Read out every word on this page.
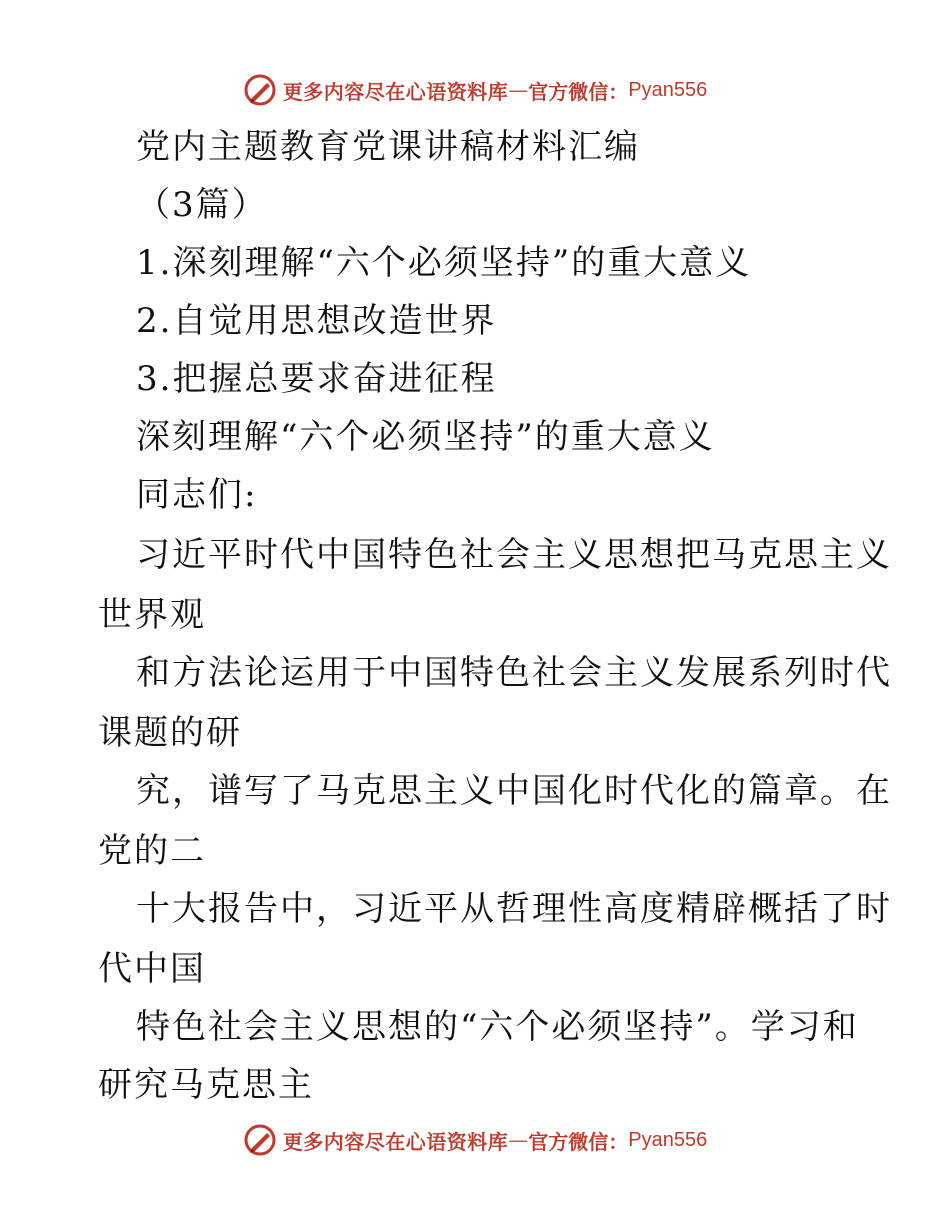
更多内容尽在心语资料库 — 官方微信： Pyan556
党内主题教育党课讲稿材料汇编
（3篇）
1.深刻理解“六个必须坚持”的重大意义
2.自觉用思想改造世界
3.把握总要求奋进征程
深刻理解“六个必须坚持”的重大意义
同志们:
习近平时代中国特色社会主义思想把马克思主义
世界观
和方法论运用于中国特色社会主义发展系列时代
课题的研
究，谱写了马克思主义中国化时代化的篇章。在
党的二
十大报告中，习近平从哲理性高度精辟概括了时
代中国
特色社会主义思想的“六个必须坚持”。学习和
研究马克思主
更多内容尽在心语资料库 — 官方微信： Pyan556
